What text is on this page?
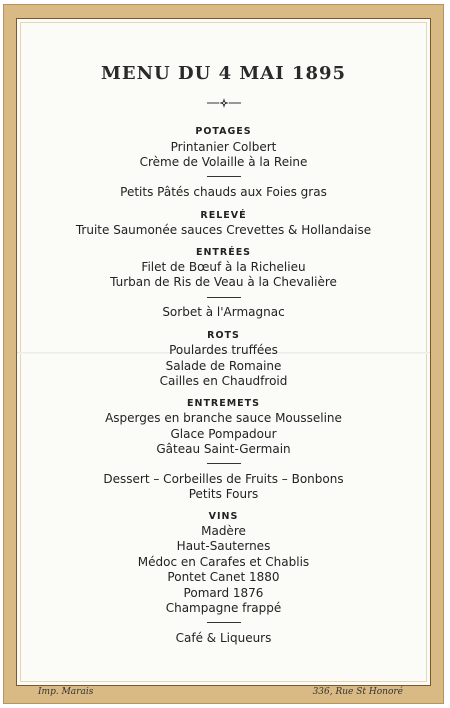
MENU DU 4 MAI 1895
POTAGES
Printanier Colbert
Crème de Volaille à la Reine
Petits Pâtés chauds aux Foies gras
RELEVÉ
Truite Saumonée sauces Crevettes & Hollandaise
ENTRÉES
Filet de Bœuf à la Richelieu
Turban de Ris de Veau à la Chevalière
Sorbet à l'Armagnac
ROTS
Poulardes truffées
Salade de Romaine
Cailles en Chaudfroid
ENTREMETS
Asperges en branche sauce Mousseline
Glace Pompadour
Gâteau Saint-Germain
Dessert – Corbeilles de Fruits – Bonbons
Petits Fours
VINS
Madère
Haut-Sauternes
Médoc en Carafes et Chablis
Pontet Canet 1880
Pomard 1876
Champagne frappé
Café & Liqueurs
Imp. Marais	336, Rue St Honoré
